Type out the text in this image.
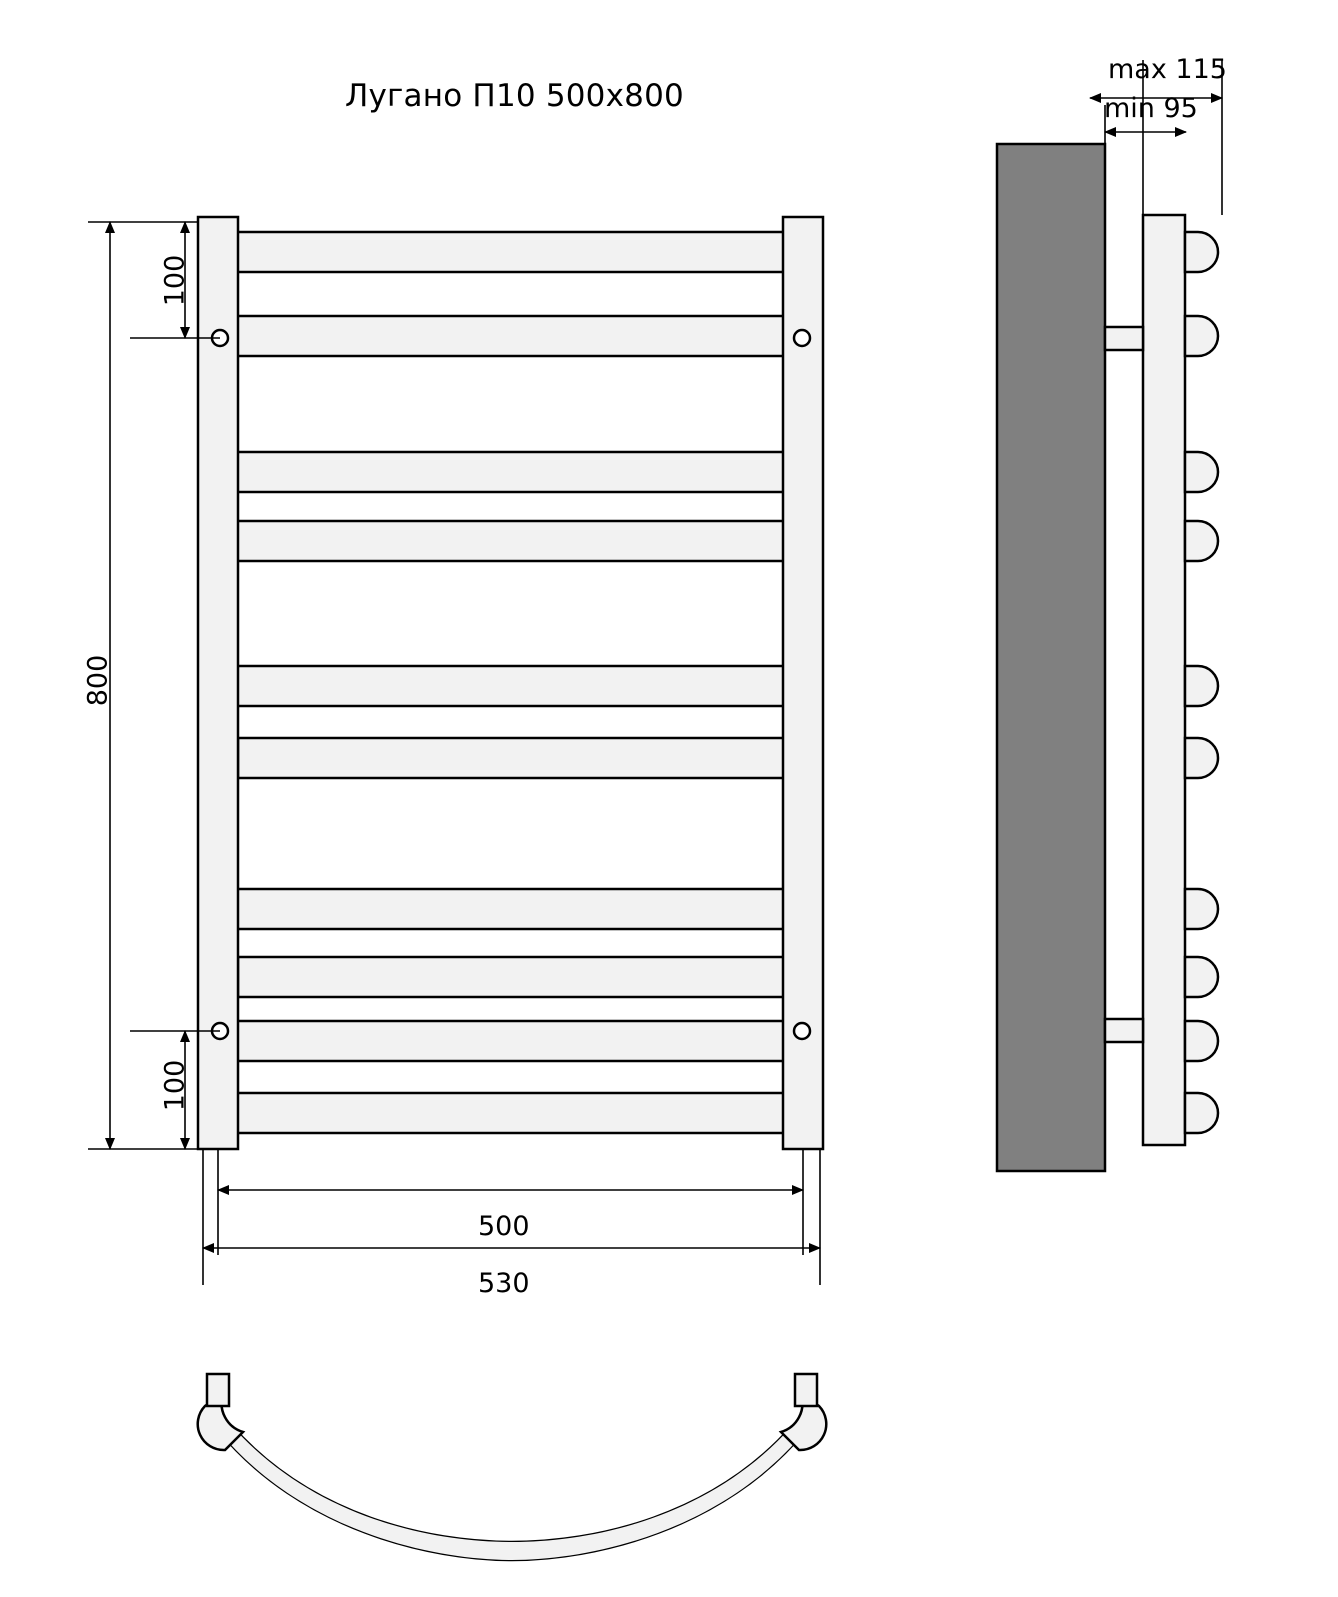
Лугано П10 500x800
100
800
100
500
530
max 115
min 95
